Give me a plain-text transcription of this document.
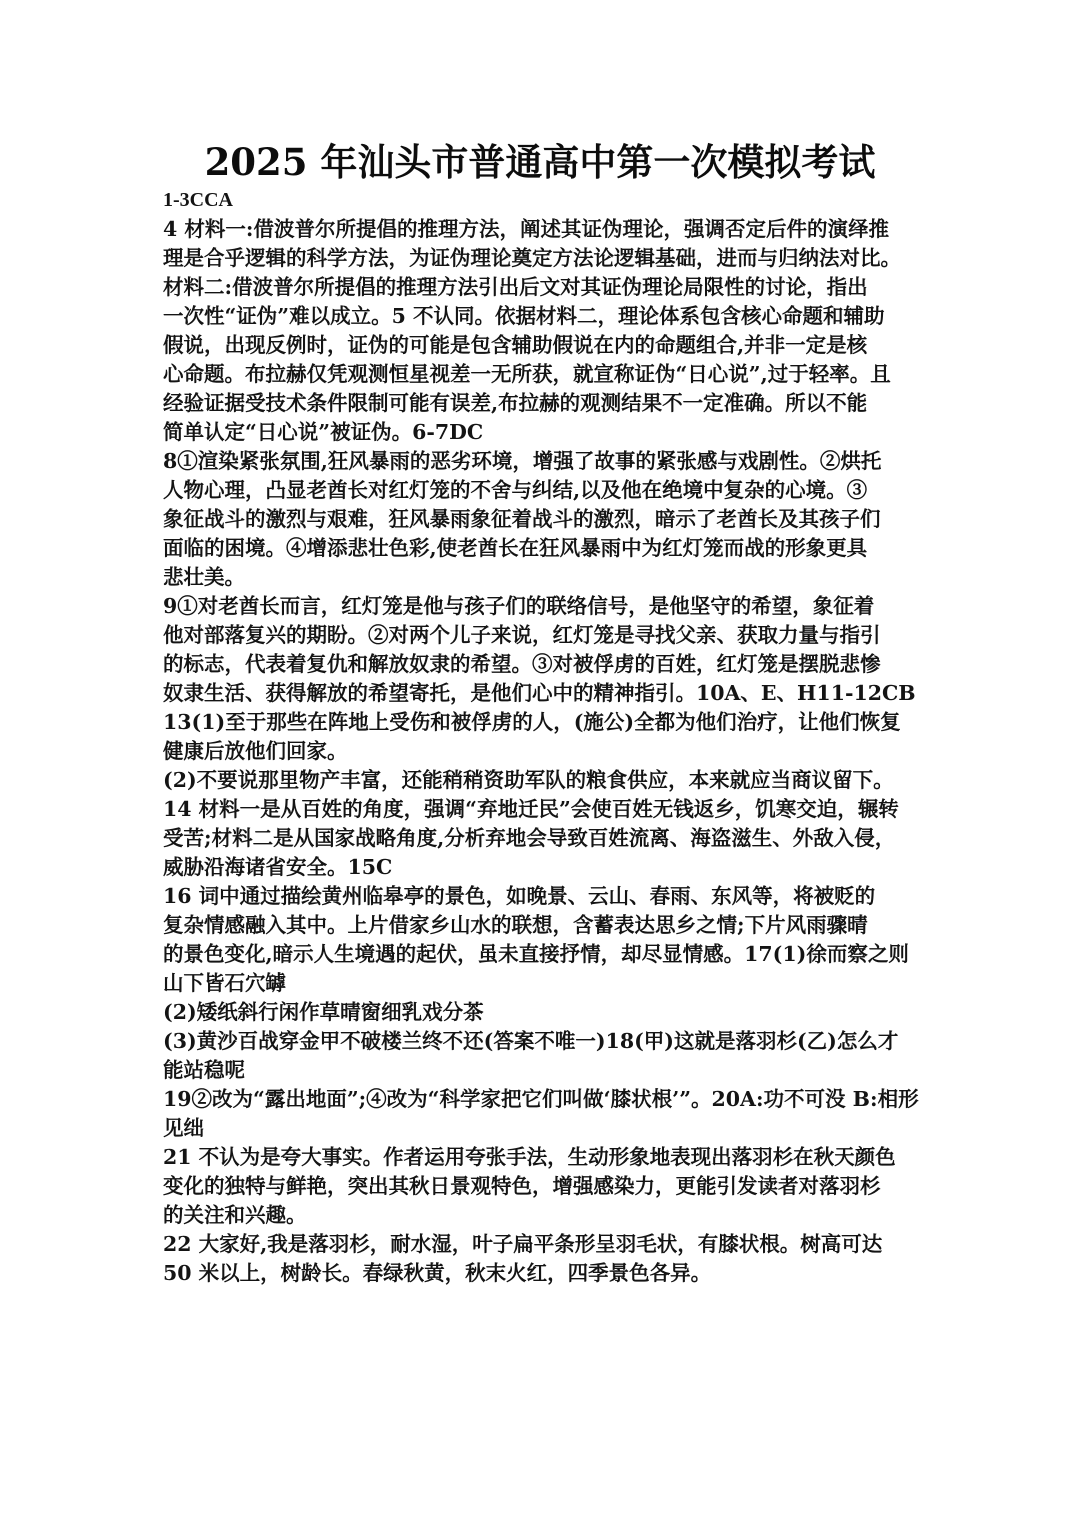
2025 年汕头市普通高中第一次模拟考试
1-3CCA
4 材料一:借波普尔所提倡的推理方法，阐述其证伪理论，强调否定后件的演绎推
理是合乎逻辑的科学方法，为证伪理论奠定方法论逻辑基础，进而与归纳法对比。
材料二:借波普尔所提倡的推理方法引出后文对其证伪理论局限性的讨论，指出
一次性“证伪”难以成立。5 不认同。依据材料二，理论体系包含核心命题和辅助
假说，出现反例时，证伪的可能是包含辅助假说在内的命题组合,并非一定是核
心命题。布拉赫仅凭观测恒星视差一无所获，就宣称证伪“日心说”,过于轻率。且
经验证据受技术条件限制可能有误差,布拉赫的观测结果不一定准确。所以不能
简单认定“日心说”被证伪。6-7DC
8①渲染紧张氛围,狂风暴雨的恶劣环境，增强了故事的紧张感与戏剧性。②烘托
人物心理，凸显老酋长对红灯笼的不舍与纠结,以及他在绝境中复杂的心境。③
象征战斗的激烈与艰难，狂风暴雨象征着战斗的激烈，暗示了老酋长及其孩子们
面临的困境。④增添悲壮色彩,使老酋长在狂风暴雨中为红灯笼而战的形象更具
悲壮美。
9①对老酋长而言，红灯笼是他与孩子们的联络信号，是他坚守的希望，象征着
他对部落复兴的期盼。②对两个儿子来说，红灯笼是寻找父亲、获取力量与指引
的标志，代表着复仇和解放奴隶的希望。③对被俘虏的百姓，红灯笼是摆脱悲惨
奴隶生活、获得解放的希望寄托，是他们心中的精神指引。10A、E、H11-12CB
13(1)至于那些在阵地上受伤和被俘虏的人，(施公)全都为他们治疗，让他们恢复
健康后放他们回家。
(2)不要说那里物产丰富，还能稍稍资助军队的粮食供应，本来就应当商议留下。
14 材料一是从百姓的角度，强调“弃地迁民”会使百姓无钱返乡，饥寒交迫，辗转
受苦;材料二是从国家战略角度,分析弃地会导致百姓流离、海盗滋生、外敌入侵，
威胁沿海诸省安全。15C
16 词中通过描绘黄州临皋亭的景色，如晚景、云山、春雨、东风等，将被贬的
复杂情感融入其中。上片借家乡山水的联想，含蓄表达思乡之情;下片风雨骤晴
的景色变化,暗示人生境遇的起伏，虽未直接抒情，却尽显情感。17(1)徐而察之则
山下皆石穴罅
(2)矮纸斜行闲作草晴窗细乳戏分茶
(3)黄沙百战穿金甲不破楼兰终不还(答案不唯一)18(甲)这就是落羽杉(乙)怎么才
能站稳呢
19②改为“露出地面”;④改为“科学家把它们叫做‘膝状根’”。20A:功不可没 B:相形
见绌
21 不认为是夸大事实。作者运用夸张手法，生动形象地表现出落羽杉在秋天颜色
变化的独特与鲜艳，突出其秋日景观特色，增强感染力，更能引发读者对落羽杉
的关注和兴趣。
22 大家好,我是落羽杉，耐水湿，叶子扁平条形呈羽毛状，有膝状根。树高可达
50 米以上，树龄长。春绿秋黄，秋末火红，四季景色各异。
